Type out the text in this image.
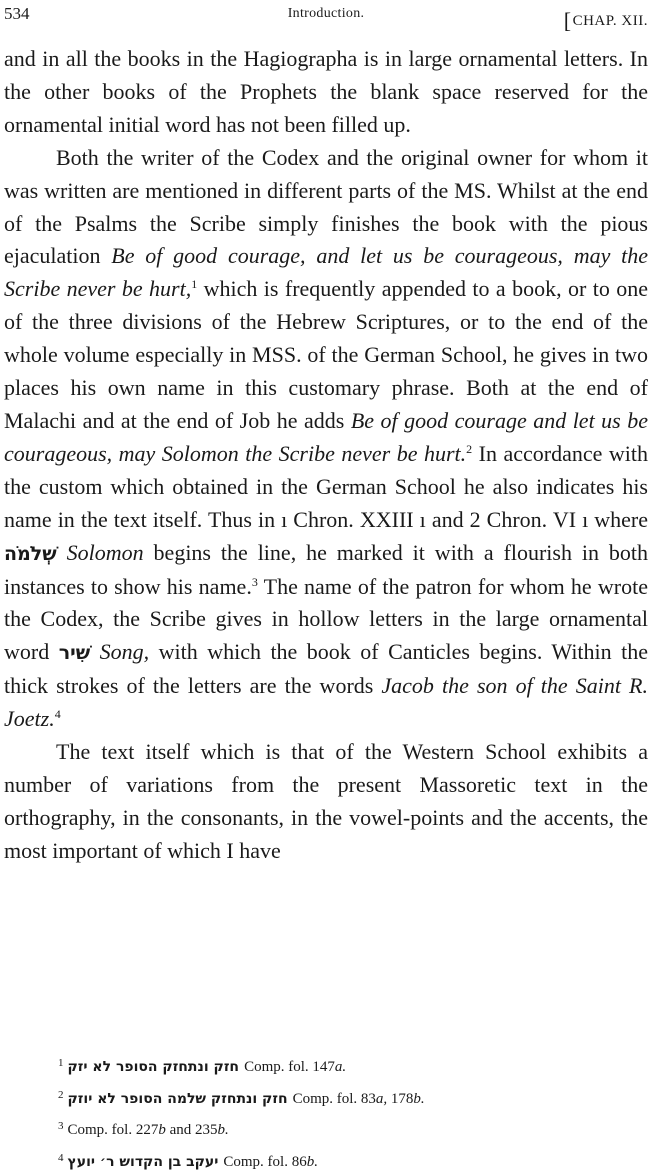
534	Introduction.	[CHAP. XII.

and in all the books in the Hagiographa is in large ornamental letters. In the other books of the Prophets the blank space reserved for the ornamental initial word has not been filled up.

Both the writer of the Codex and the original owner for whom it was written are mentioned in different parts of the MS. Whilst at the end of the Psalms the Scribe simply finishes the book with the pious ejaculation Be of good courage, and let us be courageous, may the Scribe never be hurt,$^1$ which is frequently appended to a book, or to one of the three divisions of the Hebrew Scriptures, or to the end of the whole volume especially in MSS. of the German School, he gives in two places his own name in this customary phrase. Both at the end of Malachi and at the end of Job he adds Be of good courage and let us be courageous, may Solomon the Scribe never be hurt.$^2$ In accordance with the custom which obtained in the German School he also indicates his name in the text itself. Thus in ı Chron. XXIII ı and 2 Chron. VI ı where שְׁלֹמֹה Solomon begins the line, he marked it with a flourish in both instances to show his name.$^3$ The name of the patron for whom he wrote the Codex, the Scribe gives in hollow letters in the large ornamental word שִׁיר Song, with which the book of Canticles begins. Within the thick strokes of the letters are the words Jacob the son of the Saint R. Joetz.$^4$

The text itself which is that of the Western School exhibits a number of variations from the present Massoretic text in the orthography, in the consonants, in the vowel-points and the accents, the most important of which I have

$^1$ חזק ונתחזק הסופר לא יזק Comp. fol. 147a.
$^2$ חזק ונתחזק שלמה הסופר לא יוזק Comp. fol. 83a, 178b.
$^3$ Comp. fol. 227b and 235b.
$^4$ יעקב בן הקדוש ר׳ יועץ Comp. fol. 86b.
